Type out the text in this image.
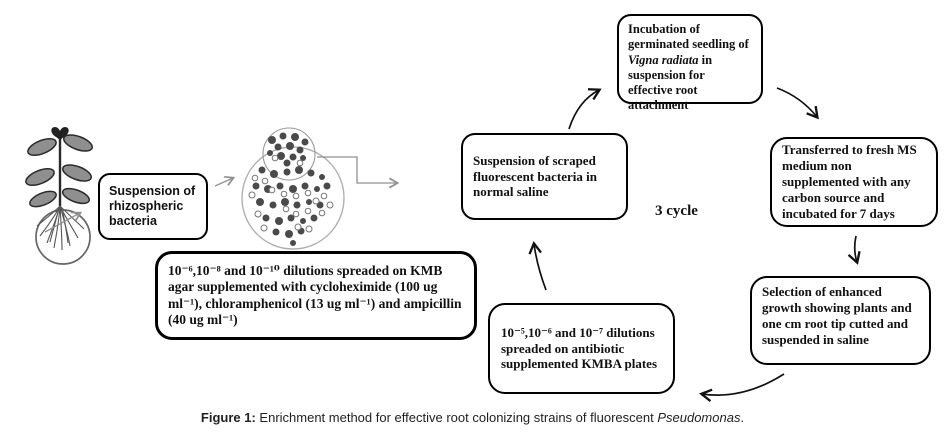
Suspension of rhizospheric bacteria
10⁻⁶,10⁻⁸ and 10⁻¹⁰ dilutions spreaded on KMB agar supplemented with cycloheximide (100 ug ml⁻¹), chloramphenicol (13 ug ml⁻¹) and ampicillin (40 ug ml⁻¹)
Suspension of scraped fluorescent bacteria in normal saline
Incubation of germinated seedling of Vigna radiata in suspension for effective root attachment
Transferred to fresh MS medium non supplemented with any carbon source and incubated for 7 days
Selection of enhanced growth showing plants and one cm root tip cutted and suspended in saline
10⁻⁵,10⁻⁶ and 10⁻⁷ dilutions spreaded on antibiotic supplemented KMBA plates
3 cycle
Figure 1: Enrichment method for effective root colonizing strains of fluorescent Pseudomonas.
